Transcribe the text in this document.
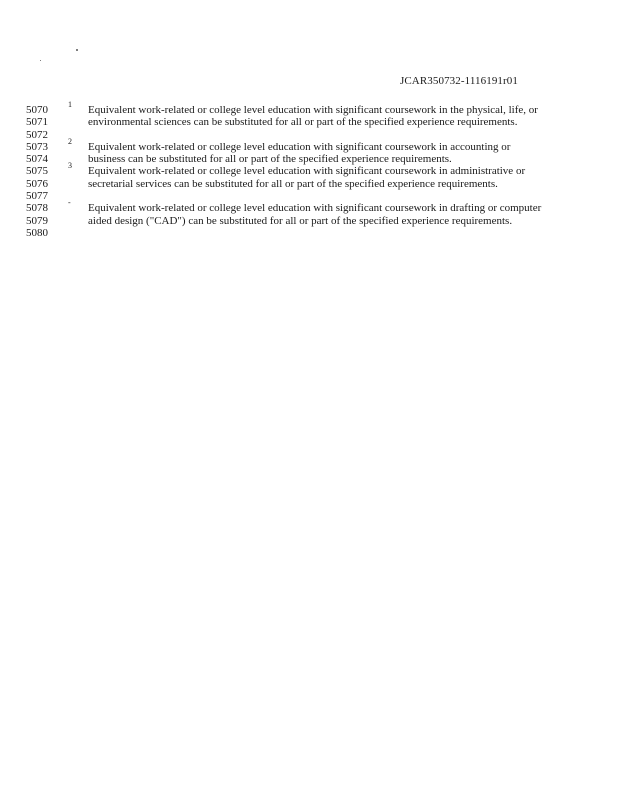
JCAR350732-1116191r01
5070
5071
5072
5073
5074
5075
5076
5077
5078
5079
5080
1 Equivalent work-related or college level education with significant coursework in the physical, life, or environmental sciences can be substituted for all or part of the specified experience requirements.
2 Equivalent work-related or college level education with significant coursework in accounting or business can be substituted for all or part of the specified experience requirements.
3 Equivalent work-related or college level education with significant coursework in administrative or secretarial services can be substituted for all or part of the specified experience requirements.
- Equivalent work-related or college level education with significant coursework in drafting or computer aided design ("CAD") can be substituted for all or part of the specified experience requirements.
